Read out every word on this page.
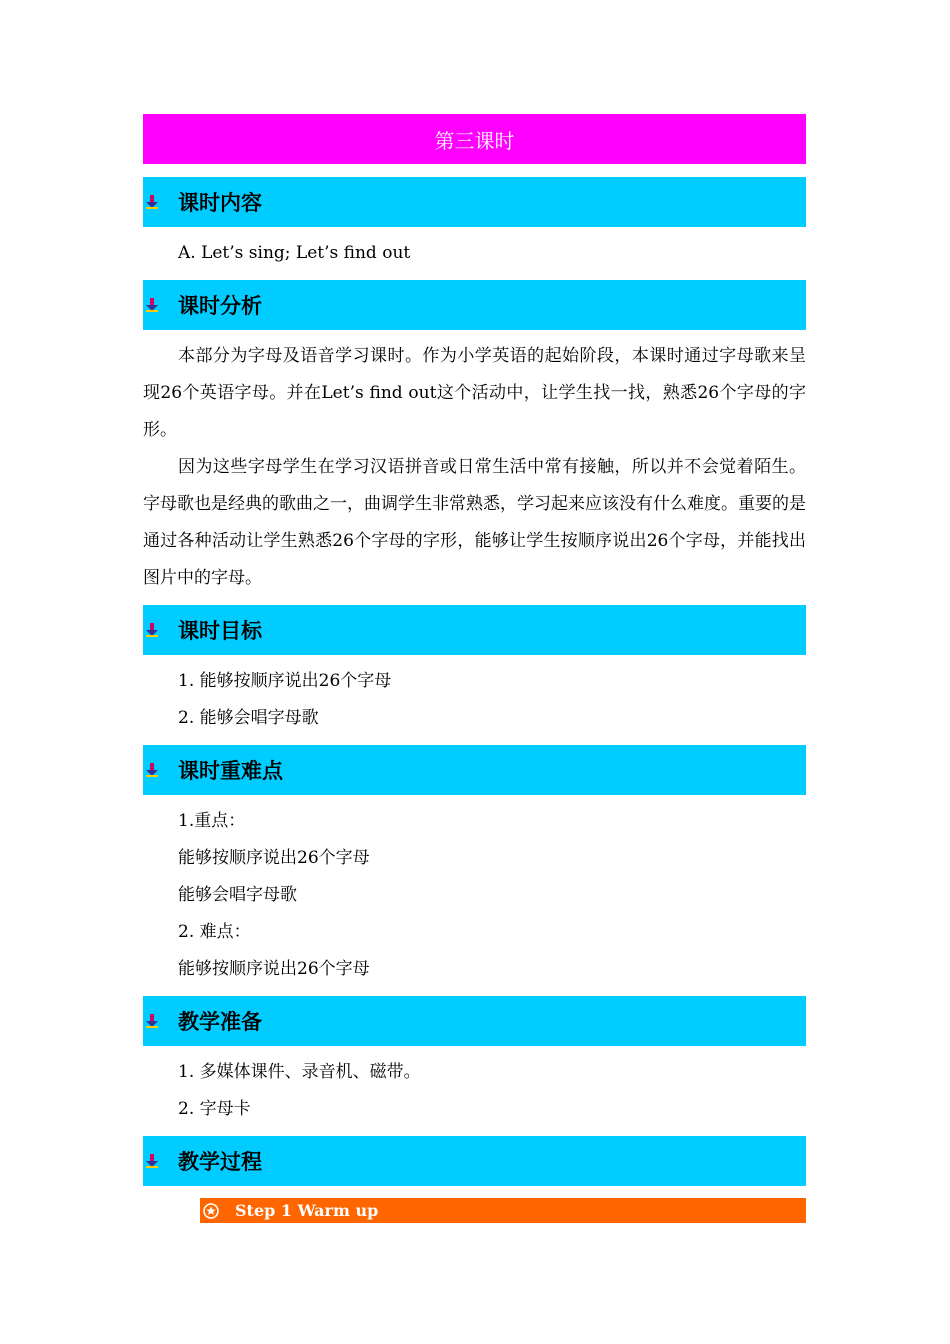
第三课时
课时内容
A. Let’s sing; Let’s find out
课时分析
本部分为字母及语音学习课时。作为小学英语的起始阶段，本课时通过字母歌来呈现26个英语字母。并在Let’s find out这个活动中，让学生找一找，熟悉26个字母的字形。
因为这些字母学生在学习汉语拼音或日常生活中常有接触，所以并不会觉着陌生。字母歌也是经典的歌曲之一，曲调学生非常熟悉，学习起来应该没有什么难度。重要的是通过各种活动让学生熟悉26个字母的字形，能够让学生按顺序说出26个字母，并能找出图片中的字母。
课时目标
1. 能够按顺序说出26个字母
2. 能够会唱字母歌
课时重难点
1.重点：
能够按顺序说出26个字母
能够会唱字母歌
2. 难点：
能够按顺序说出26个字母
教学准备
1. 多媒体课件、录音机、磁带。
2. 字母卡
教学过程
Step 1 Warm up
